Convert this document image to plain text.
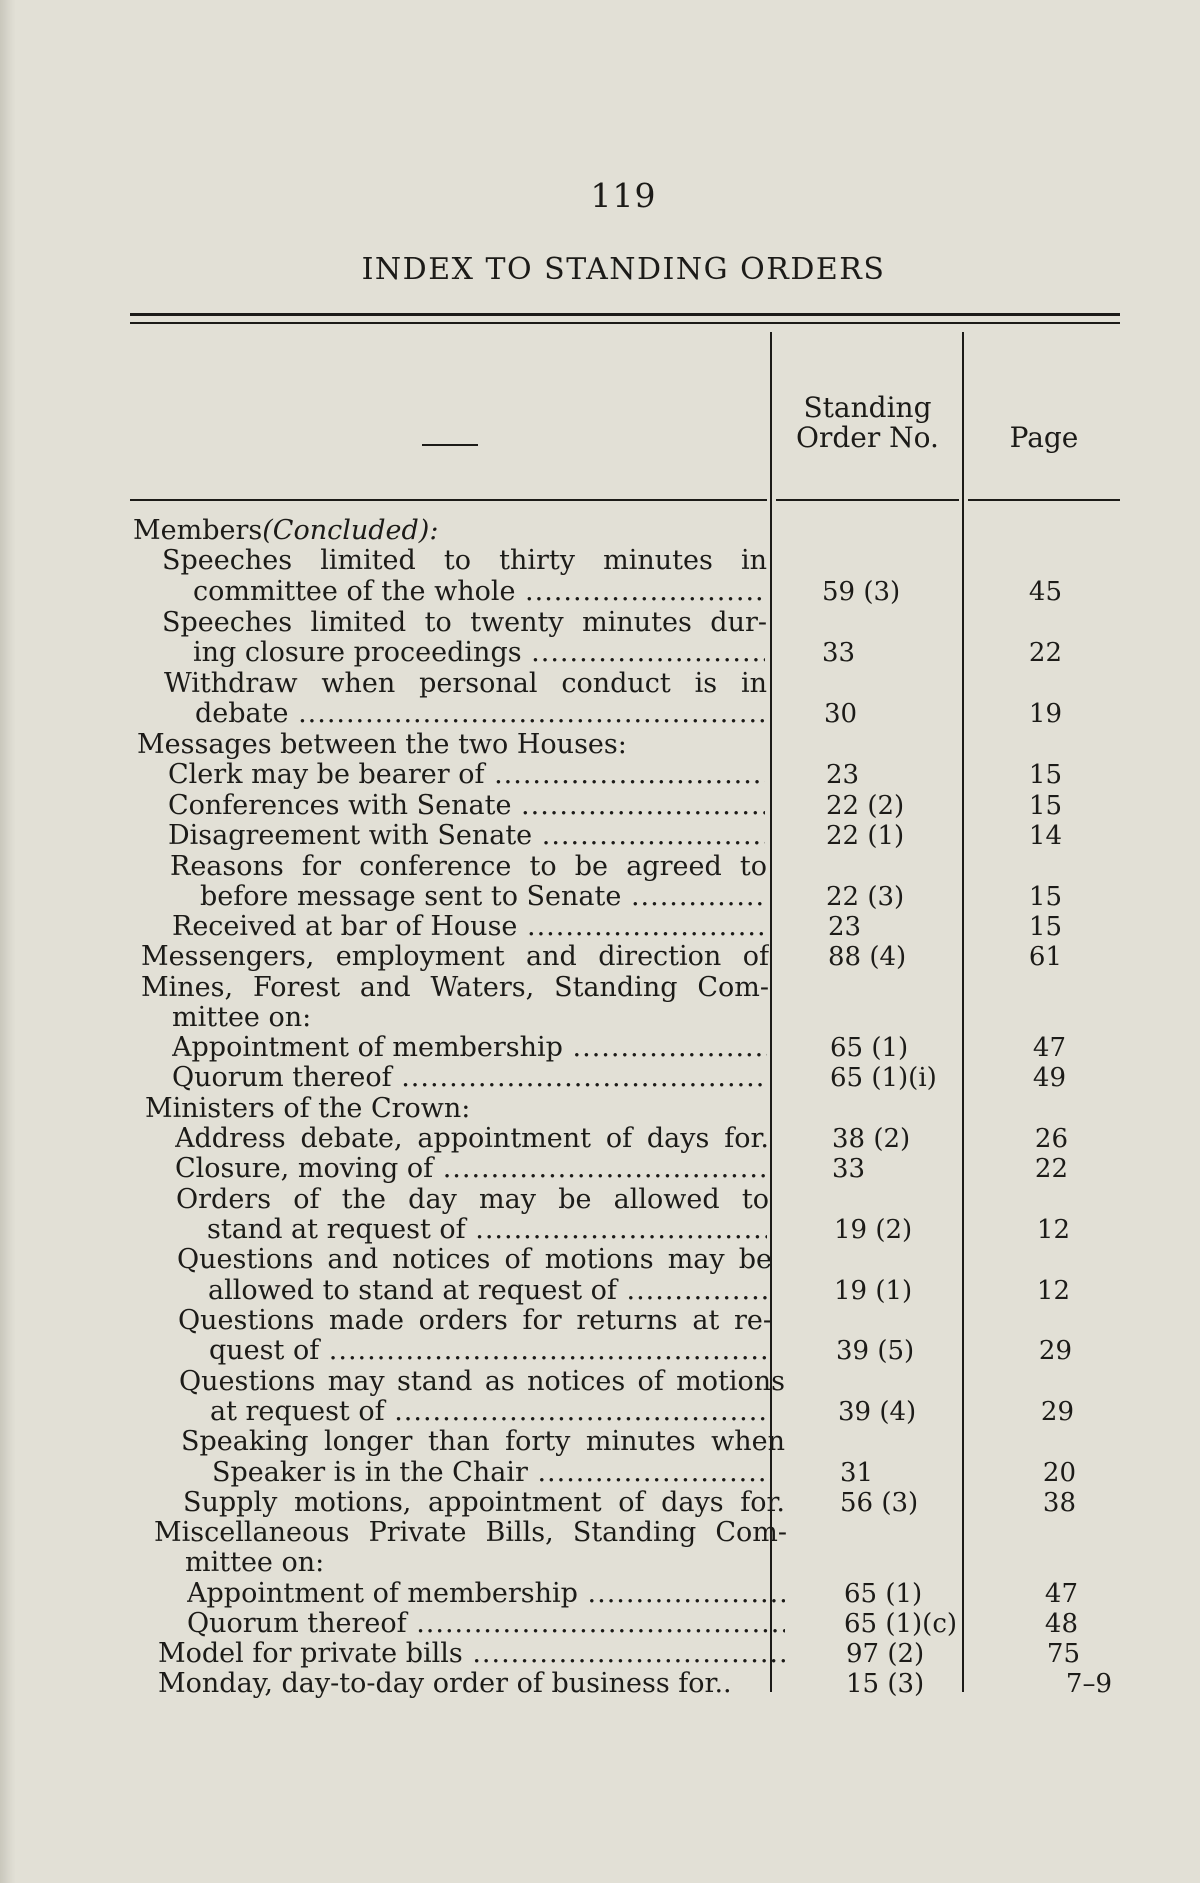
119
INDEX TO STANDING ORDERS
Standing
Order No.	Page
Members(Concluded):
Speeches limited to thirty minutes in
committee of the whole .....	59 (3)	45
Speeches limited to twenty minutes dur-
ing closure proceedings .....	33	22
Withdraw when personal conduct is in
debate .....	30	19
Messages between the two Houses:
Clerk may be bearer of .....	23	15
Conferences with Senate .....	22 (2)	15
Disagreement with Senate .....	22 (1)	14
Reasons for conference to be agreed to
before message sent to Senate .....	22 (3)	15
Received at bar of House .....	23	15
Messengers, employment and direction of 88 (4)	61
Mines, Forest and Waters, Standing Com-
mittee on:
Appointment of membership .....	65 (1)	47
Quorum thereof .....	65 (1)(i)	49
Ministers of the Crown:
Address debate, appointment of days for. 38 (2)	26
Closure, moving of .....	33	22
Orders of the day may be allowed to
stand at request of .....	19 (2)	12
Questions and notices of motions may be
allowed to stand at request of .....	19 (1)	12
Questions made orders for returns at re-
quest of .....	39 (5)	29
Questions may stand as notices of motions
at request of .....	39 (4)	29
Speaking longer than forty minutes when
Speaker is in the Chair .....	31	20
Supply motions, appointment of days for. 56 (3)	38
Miscellaneous Private Bills, Standing Com-
mittee on:
Appointment of membership .....	65 (1)	47
Quorum thereof .....	65 (1)(c)	48
Model for private bills .....	97 (2)	75
Monday, day-to-day order of business for..	15 (3)	7–9
